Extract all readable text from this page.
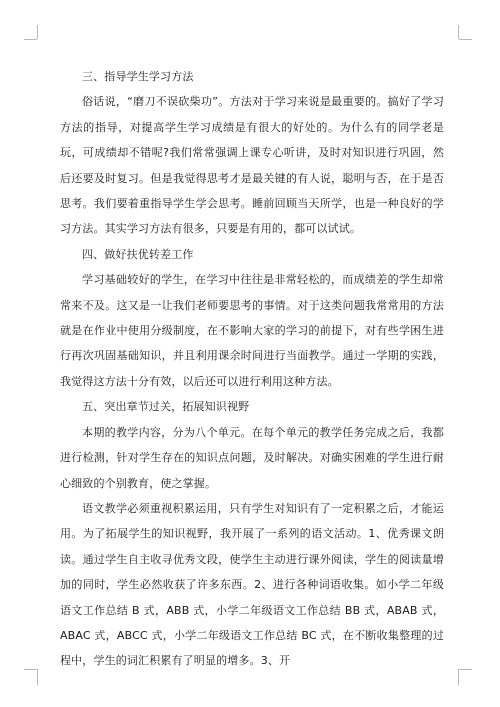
三、指导学生学习方法

俗话说，“磨刀不误砍柴功”。方法对于学习来说是最重要的。搞好了学习方法的指导，对提高学生学习成绩是有很大的好处的。为什么有的同学老是玩，可成绩却不错呢?我们常常强调上课专心听讲，及时对知识进行巩固，然后还要及时复习。但是我觉得思考才是最关键的有人说，聪明与否，在于是否思考。我们要着重指导学生学会思考。睡前回顾当天所学，也是一种良好的学习方法。其实学习方法有很多，只要是有用的，都可以试试。

四、做好扶优转差工作

学习基础较好的学生，在学习中往往是非常轻松的，而成绩差的学生却常常来不及。这又是一让我们老师要思考的事情。对于这类问题我常常用的方法就是在作业中使用分级制度，在不影响大家的学习的前提下，对有些学困生进行再次巩固基础知识，并且利用课余时间进行当面教学。通过一学期的实践，我觉得这方法十分有效，以后还可以进行利用这种方法。

五、突出章节过关，拓展知识视野

本期的教学内容，分为八个单元。在每个单元的教学任务完成之后，我都进行检测，针对学生存在的知识点问题，及时解决。对确实困难的学生进行耐心细致的个别教育，使之掌握。

语文教学必须重视积累运用，只有学生对知识有了一定积累之后，才能运用。为了拓展学生的知识视野，我开展了一系列的语文活动。1、优秀课文朗读。通过学生自主收寻优秀文段，使学生主动进行课外阅读，学生的阅读量增加的同时，学生必然收获了许多东西。2、进行各种词语收集。如小学二年级语文工作总结 B 式，ABB 式，小学二年级语文工作总结 BB 式，ABAB 式，ABAC 式，ABCC 式，小学二年级语文工作总结 BC 式，在不断收集整理的过程中，学生的词汇积累有了明显的增多。3、开
